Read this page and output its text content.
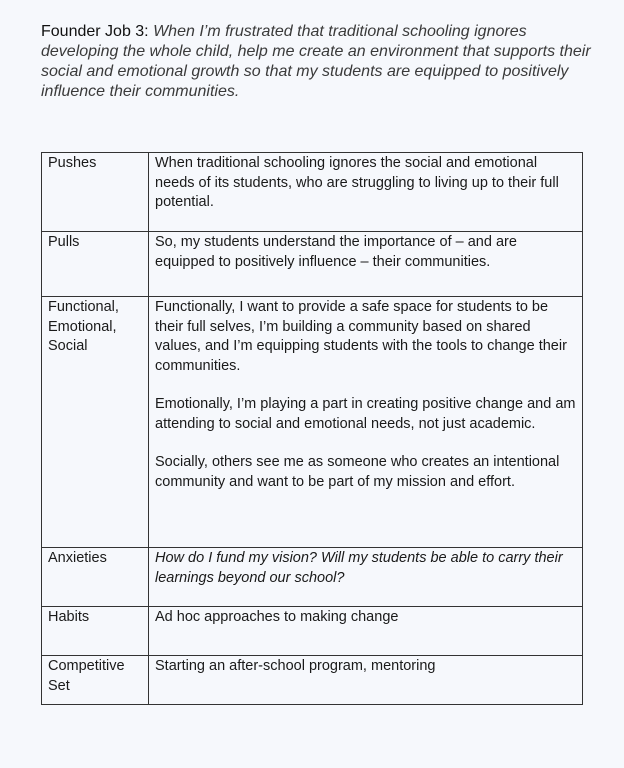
Founder Job 3: When I’m frustrated that traditional schooling ignores developing the whole child, help me create an environment that supports their social and emotional growth so that my students are equipped to positively influence their communities.
Pushes	When traditional schooling ignores the social and emotional needs of its students, who are struggling to living up to their full potential.
Pulls	So, my students understand the importance of – and are equipped to positively influence – their communities.
Functional, Emotional, Social	Functionally, I want to provide a safe space for students to be their full selves, I’m building a community based on shared values, and I’m equipping students with the tools to change their communities.

Emotionally, I’m playing a part in creating positive change and am attending to social and emotional needs, not just academic.

Socially, others see me as someone who creates an intentional community and want to be part of my mission and effort.

Anxieties	How do I fund my vision? Will my students be able to carry their learnings beyond our school?
Habits	Ad hoc approaches to making change
Competitive Set	Starting an after-school program, mentoring
